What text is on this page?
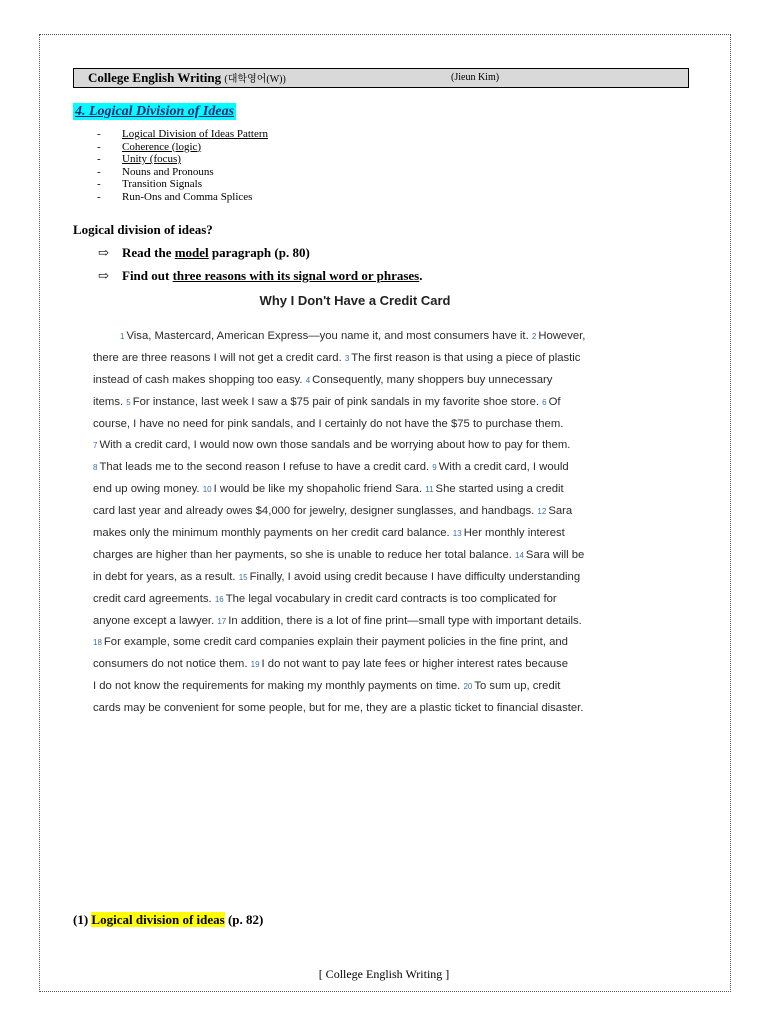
College English Writing (대학영어(W))	(Jieun Kim)
4. Logical Division of Ideas
- Logical Division of Ideas Pattern
- Coherence (logic)
- Unity (focus)
- Nouns and Pronouns
- Transition Signals
- Run-Ons and Comma Splices
Logical division of ideas?
⇨ Read the model paragraph (p. 80)
⇨ Find out three reasons with its signal word or phrases.
Why I Don't Have a Credit Card
1 Visa, Mastercard, American Express—you name it, and most consumers have it. 2 However,
there are three reasons I will not get a credit card. 3 The first reason is that using a piece of plastic
instead of cash makes shopping too easy. 4 Consequently, many shoppers buy unnecessary
items. 5 For instance, last week I saw a $75 pair of pink sandals in my favorite shoe store. 6 Of
course, I have no need for pink sandals, and I certainly do not have the $75 to purchase them.
7 With a credit card, I would now own those sandals and be worrying about how to pay for them.
8 That leads me to the second reason I refuse to have a credit card. 9 With a credit card, I would
end up owing money. 10 I would be like my shopaholic friend Sara. 11 She started using a credit
card last year and already owes $4,000 for jewelry, designer sunglasses, and handbags. 12 Sara
makes only the minimum monthly payments on her credit card balance. 13 Her monthly interest
charges are higher than her payments, so she is unable to reduce her total balance. 14 Sara will be
in debt for years, as a result. 15 Finally, I avoid using credit because I have difficulty understanding
credit card agreements. 16 The legal vocabulary in credit card contracts is too complicated for
anyone except a lawyer. 17 In addition, there is a lot of fine print—small type with important details.
18 For example, some credit card companies explain their payment policies in the fine print, and
consumers do not notice them. 19 I do not want to pay late fees or higher interest rates because
I do not know the requirements for making my monthly payments on time. 20 To sum up, credit
cards may be convenient for some people, but for me, they are a plastic ticket to financial disaster.
(1) Logical division of ideas (p. 82)
[ College English Writing ]
